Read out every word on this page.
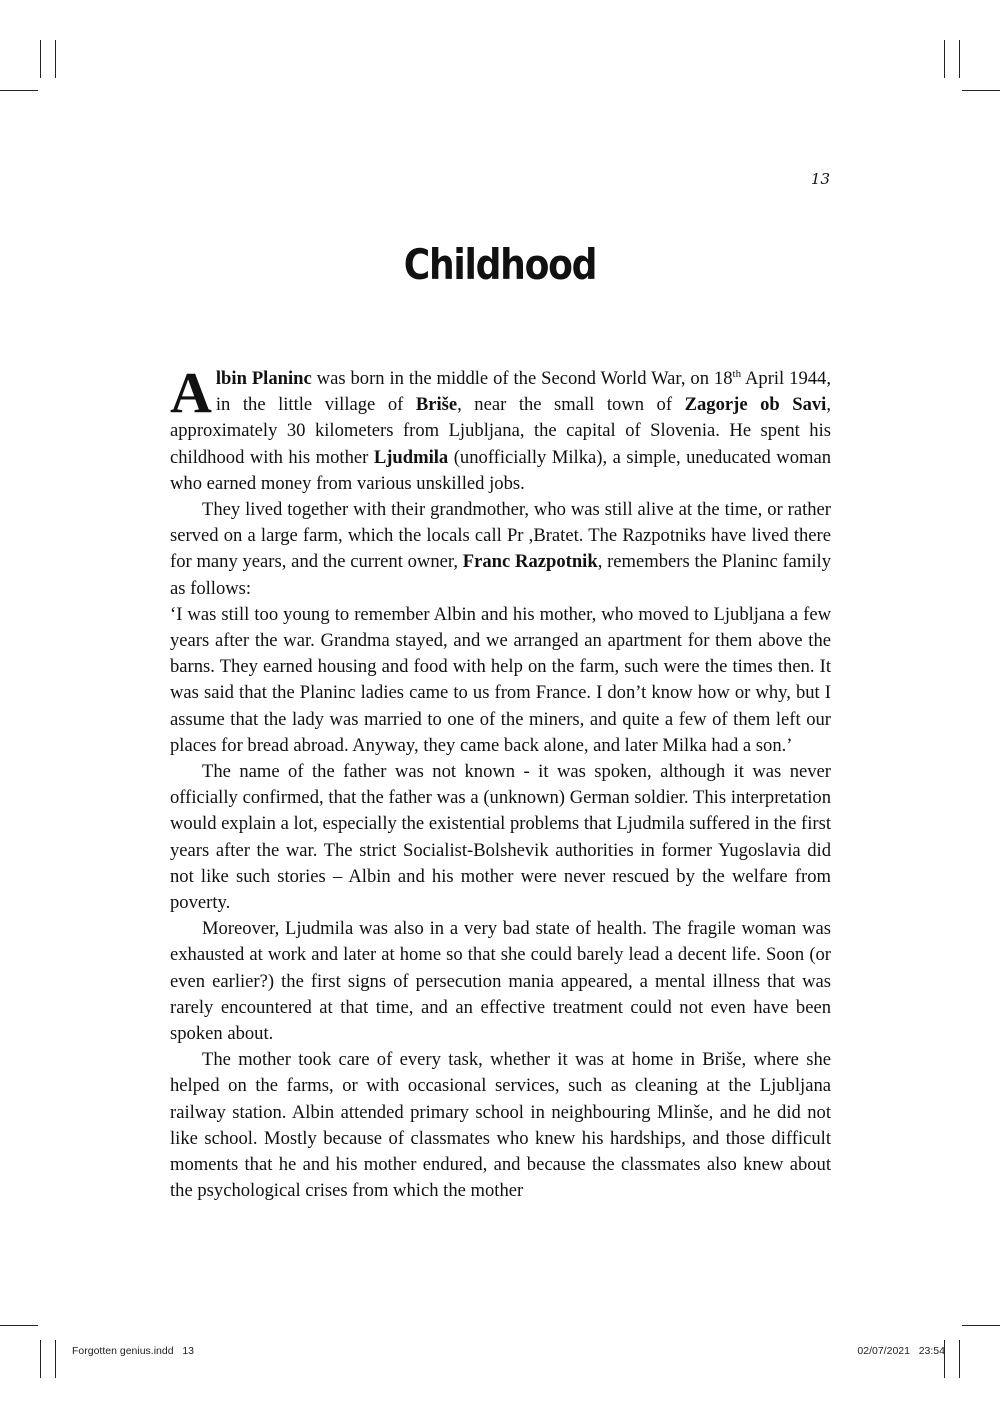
13
Childhood

Albin Planinc was born in the middle of the Second World War, on 18th April 1944, in the little village of Briše, near the small town of Zagorje ob Savi, approximately 30 kilometers from Ljubljana, the capital of Slovenia. He spent his childhood with his mother Ljudmila (unofficially Milka), a simple, uneducated woman who earned money from various unskilled jobs.

They lived together with their grandmother, who was still alive at the time, or rather served on a large farm, which the locals call Pr ,Bratet. The Razpotniks have lived there for many years, and the current owner, Franc Razpotnik, remembers the Planinc family as follows:

‘I was still too young to remember Albin and his mother, who moved to Ljubljana a few years after the war. Grandma stayed, and we arranged an apartment for them above the barns. They earned housing and food with help on the farm, such were the times then. It was said that the Planinc ladies came to us from France. I don’t know how or why, but I assume that the lady was married to one of the miners, and quite a few of them left our places for bread abroad. Anyway, they came back alone, and later Milka had a son.’

The name of the father was not known - it was spoken, although it was never officially confirmed, that the father was a (unknown) German soldier. This interpretation would explain a lot, especially the existential problems that Ljudmila suffered in the first years after the war. The strict Socialist-Bolshevik authorities in former Yugoslavia did not like such stories – Albin and his mother were never rescued by the welfare from poverty.

Moreover, Ljudmila was also in a very bad state of health. The fragile woman was exhausted at work and later at home so that she could barely lead a decent life. Soon (or even earlier?) the first signs of persecution mania appeared, a mental illness that was rarely encountered at that time, and an effective treatment could not even have been spoken about.

The mother took care of every task, whether it was at home in Briše, where she helped on the farms, or with occasional services, such as cleaning at the Ljubljana railway station. Albin attended primary school in neighbouring Mlinše, and he did not like school. Mostly because of classmates who knew his hardships, and those difficult moments that he and his mother endured, and because the classmates also knew about the psychological crises from which the mother

Forgotten genius.indd   13	02/07/2021   23:54
